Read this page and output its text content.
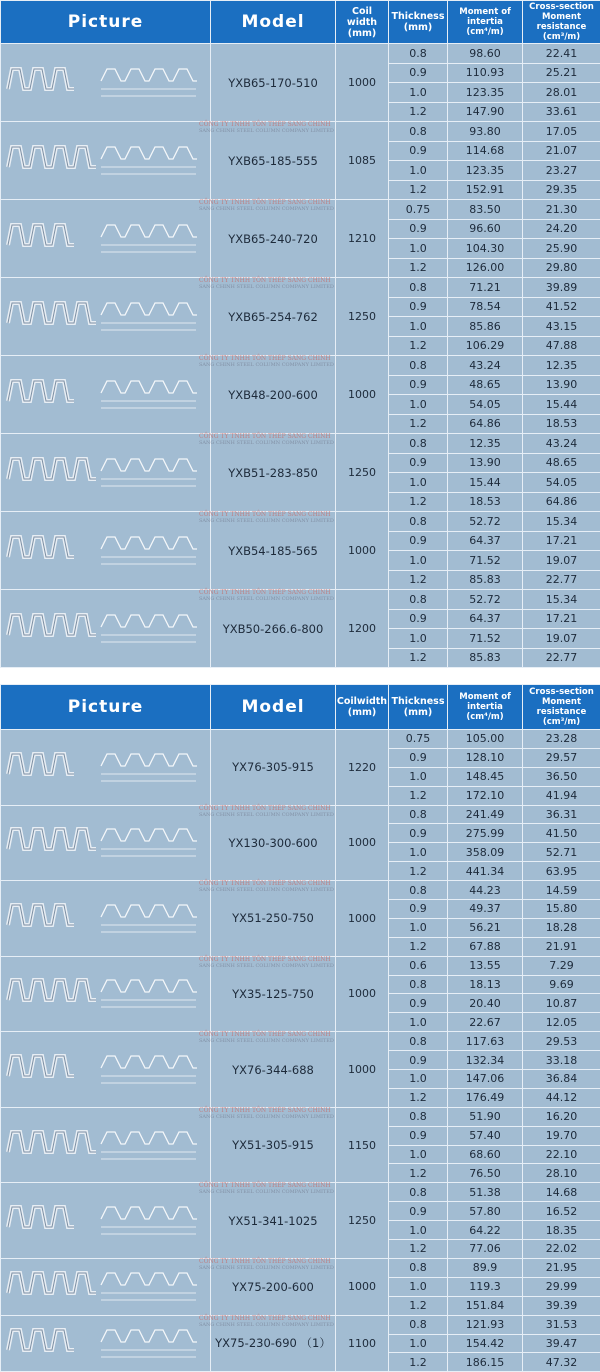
Picture	Model	Coil width (mm)	Thickness (mm)	Moment of intertia (cm⁴/m)	Cross-section Moment resistance (cm³/m)
	YXB65-170-510
CÔNG TY TNHH TÔN THÉP SANG CHINH
SANG CHINH STEEL COLUMN COMPANY LIMITED	1000	0.8	98.60	22.41
			0.9	110.93	25.21
			1.0	123.35	28.01
			1.2	147.90	33.61
	YXB65-185-555
CÔNG TY TNHH TÔN THÉP SANG CHINH
SANG CHINH STEEL COLUMN COMPANY LIMITED	1085	0.8	93.80	17.05
			0.9	114.68	21.07
			1.0	123.35	23.27
			1.2	152.91	29.35
	YXB65-240-720
CÔNG TY TNHH TÔN THÉP SANG CHINH
SANG CHINH STEEL COLUMN COMPANY LIMITED	1210	0.75	83.50	21.30
			0.9	96.60	24.20
			1.0	104.30	25.90
			1.2	126.00	29.80
	YXB65-254-762
CÔNG TY TNHH TÔN THÉP SANG CHINH
SANG CHINH STEEL COLUMN COMPANY LIMITED	1250	0.8	71.21	39.89
			0.9	78.54	41.52
			1.0	85.86	43.15
			1.2	106.29	47.88
	YXB48-200-600
CÔNG TY TNHH TÔN THÉP SANG CHINH
SANG CHINH STEEL COLUMN COMPANY LIMITED	1000	0.8	43.24	12.35
			0.9	48.65	13.90
			1.0	54.05	15.44
			1.2	64.86	18.53
	YXB51-283-850
CÔNG TY TNHH TÔN THÉP SANG CHINH
SANG CHINH STEEL COLUMN COMPANY LIMITED	1250	0.8	12.35	43.24
			0.9	13.90	48.65
			1.0	15.44	54.05
			1.2	18.53	64.86
	YXB54-185-565
CÔNG TY TNHH TÔN THÉP SANG CHINH
SANG CHINH STEEL COLUMN COMPANY LIMITED	1000	0.8	52.72	15.34
			0.9	64.37	17.21
			1.0	71.52	19.07
			1.2	85.83	22.77
	YXB50-266.6-800	1200	0.8	52.72	15.34
			0.9	64.37	17.21
			1.0	71.52	19.07
			1.2	85.83	22.77
Picture	Model	Coilwidth (mm)	Thickness (mm)	Moment of intertia (cm⁴/m)	Cross-section Moment resistance (cm³/m)
	YX76-305-915
CÔNG TY TNHH TÔN THÉP SANG CHINH
SANG CHINH STEEL COLUMN COMPANY LIMITED	1220	0.75	105.00	23.28
			0.9	128.10	29.57
			1.0	148.45	36.50
			1.2	172.10	41.94
	YX130-300-600
CÔNG TY TNHH TÔN THÉP SANG CHINH
SANG CHINH STEEL COLUMN COMPANY LIMITED	1000	0.8	241.49	36.31
			0.9	275.99	41.50
			1.0	358.09	52.71
			1.2	441.34	63.95
	YX51-250-750
CÔNG TY TNHH TÔN THÉP SANG CHINH
SANG CHINH STEEL COLUMN COMPANY LIMITED	1000	0.8	44.23	14.59
			0.9	49.37	15.80
			1.0	56.21	18.28
			1.2	67.88	21.91
	YX35-125-750
CÔNG TY TNHH TÔN THÉP SANG CHINH
SANG CHINH STEEL COLUMN COMPANY LIMITED	1000	0.6	13.55	7.29
			0.8	18.13	9.69
			0.9	20.40	10.87
			1.0	22.67	12.05
	YX76-344-688
CÔNG TY TNHH TÔN THÉP SANG CHINH
SANG CHINH STEEL COLUMN COMPANY LIMITED	1000	0.8	117.63	29.53
			0.9	132.34	33.18
			1.0	147.06	36.84
			1.2	176.49	44.12
	YX51-305-915
CÔNG TY TNHH TÔN THÉP SANG CHINH
SANG CHINH STEEL COLUMN COMPANY LIMITED	1150	0.8	51.90	16.20
			0.9	57.40	19.70
			1.0	68.60	22.10
			1.2	76.50	28.10
	YX51-341-1025
CÔNG TY TNHH TÔN THÉP SANG CHINH
SANG CHINH STEEL COLUMN COMPANY LIMITED	1250	0.8	51.38	14.68
			0.9	57.80	16.52
			1.0	64.22	18.35
			1.2	77.06	22.02
	YX75-200-600
CÔNG TY TNHH TÔN THÉP SANG CHINH
SANG CHINH STEEL COLUMN COMPANY LIMITED	1000	0.8	89.9	21.95
			1.0	119.3	29.99
			1.2	151.84	39.39
	YX75-230-690 （1）	1100	0.8	121.93	31.53
			1.0	154.42	39.47
			1.2	186.15	47.32
